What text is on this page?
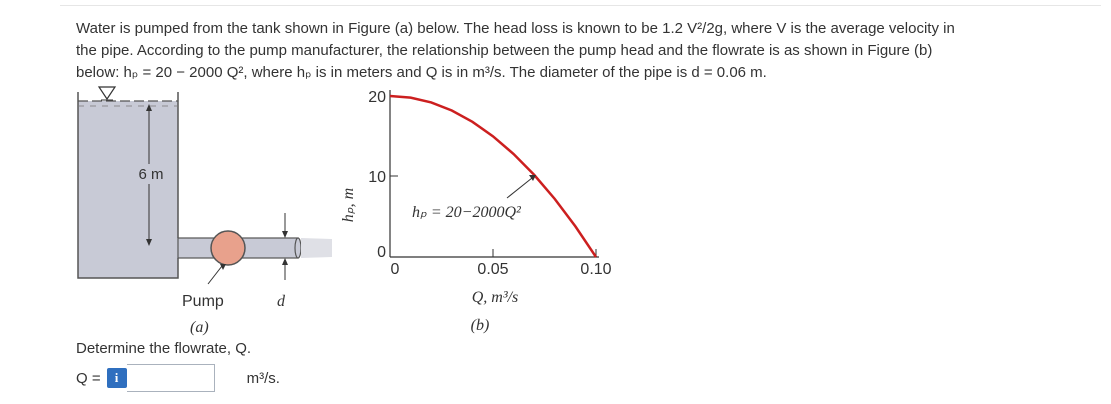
Water is pumped from the tank shown in Figure (a) below. The head loss is known to be 1.2 V²/2g, where V is the average velocity in
the pipe. According to the pump manufacturer, the relationship between the pump head and the flowrate is as shown in Figure (b)
below: hₚ = 20 − 2000 Q², where hₚ is in meters and Q is in m³/s. The diameter of the pipe is d = 0.06 m.

6 m
Pump	d
(a)
20
10
0
0	0.05	0.10
hₚ, m
Q, m³/s
(b)
hₚ = 20−2000Q²
Determine the flowrate, Q.
Q =	i	m³/s.
